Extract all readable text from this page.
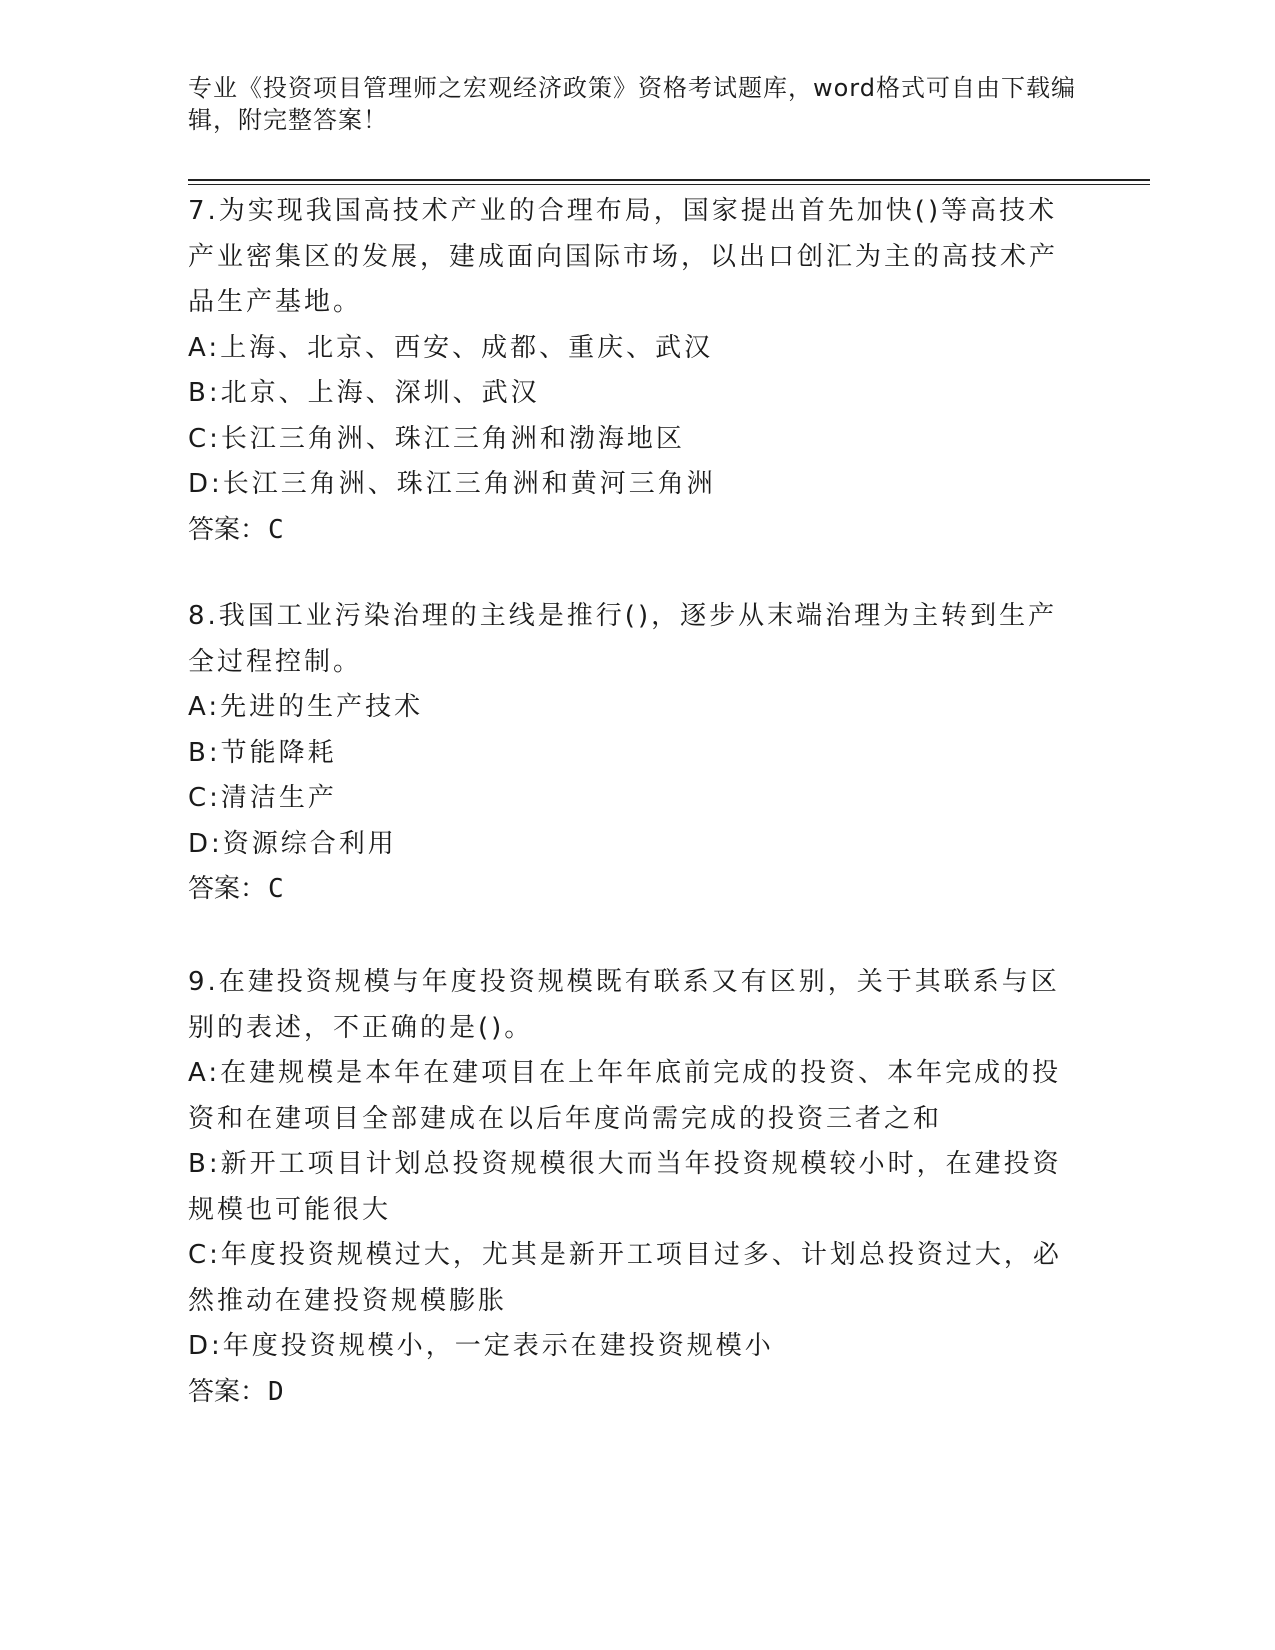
专业《投资项目管理师之宏观经济政策》资格考试题库，word格式可自由下载编辑，附完整答案！

7.为实现我国高技术产业的合理布局，国家提出首先加快()等高技术产业密集区的发展，建成面向国际市场，以出口创汇为主的高技术产品生产基地。

A:上海、北京、西安、成都、重庆、武汉

B:北京、上海、深圳、武汉

C:长江三角洲、珠江三角洲和渤海地区

D:长江三角洲、珠江三角洲和黄河三角洲

答案：C

8.我国工业污染治理的主线是推行()，逐步从末端治理为主转到生产全过程控制。

A:先进的生产技术

B:节能降耗

C:清洁生产

D:资源综合利用

答案：C

9.在建投资规模与年度投资规模既有联系又有区别，关于其联系与区别的表述，不正确的是()。

A:在建规模是本年在建项目在上年年底前完成的投资、本年完成的投资和在建项目全部建成在以后年度尚需完成的投资三者之和

B:新开工项目计划总投资规模很大而当年投资规模较小时，在建投资规模也可能很大

C:年度投资规模过大，尤其是新开工项目过多、计划总投资过大，必然推动在建投资规模膨胀

D:年度投资规模小，一定表示在建投资规模小

答案：D
